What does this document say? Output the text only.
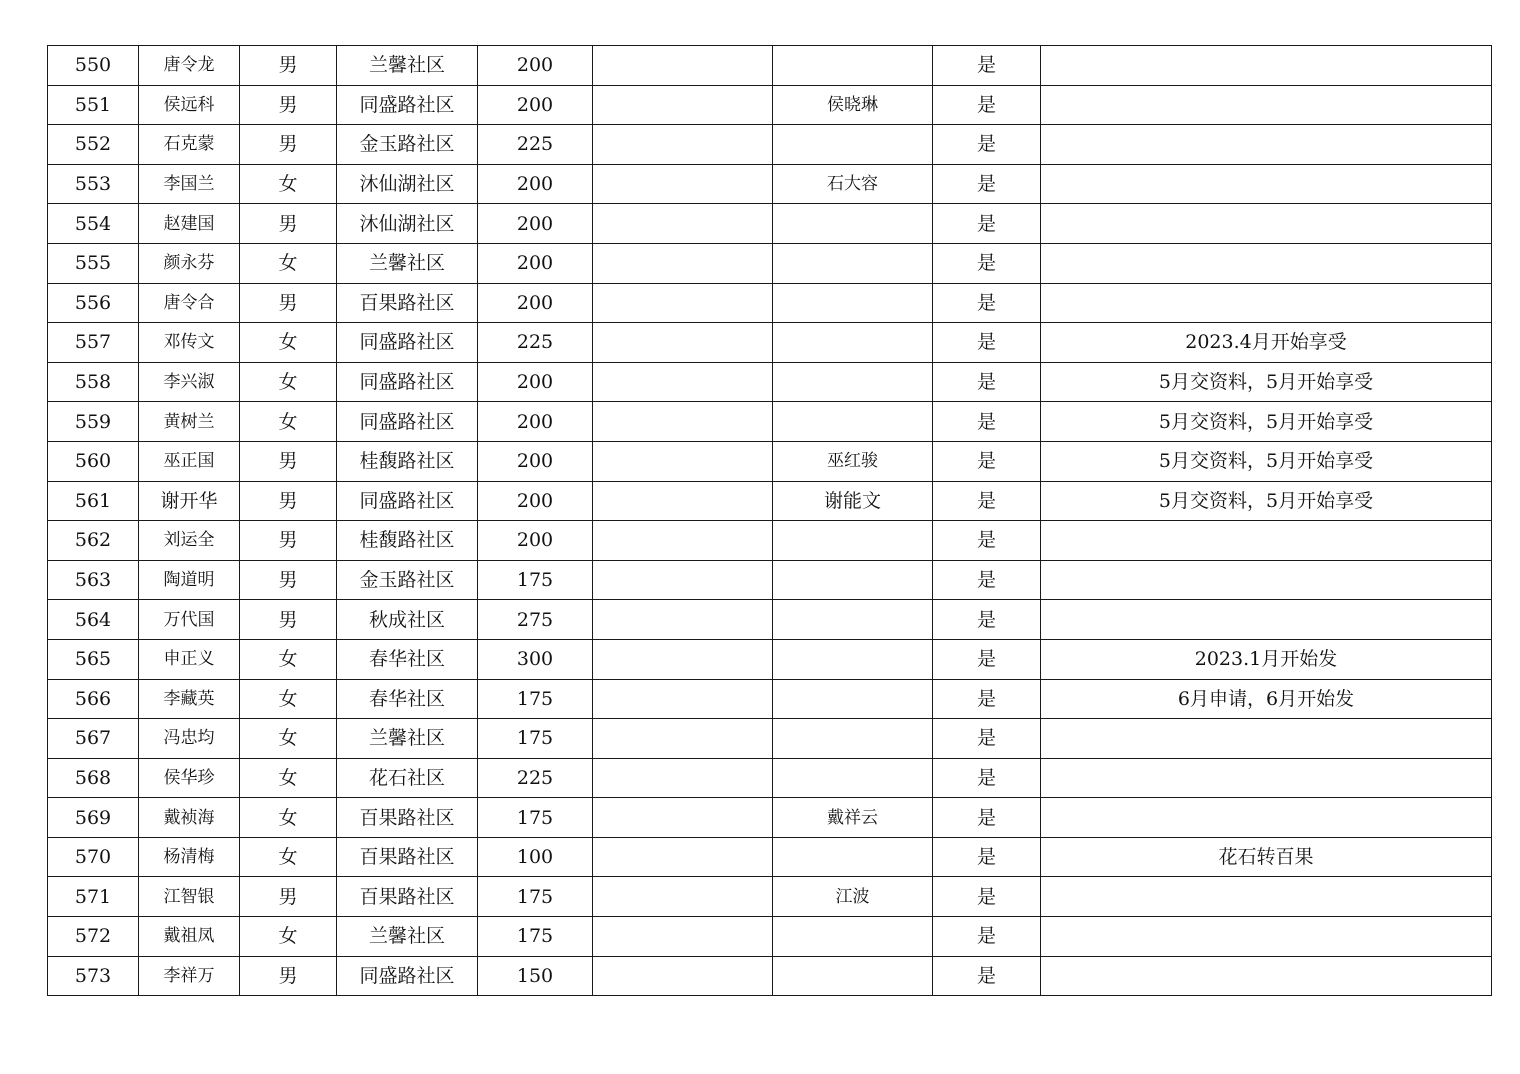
550	唐令龙	男	兰馨社区	200			是	
551	侯远科	男	同盛路社区	200		侯晓琳	是	
552	石克蒙	男	金玉路社区	225			是	
553	李国兰	女	沐仙湖社区	200		石大容	是	
554	赵建国	男	沐仙湖社区	200			是	
555	颜永芬	女	兰馨社区	200			是	
556	唐令合	男	百果路社区	200			是	
557	邓传文	女	同盛路社区	225			是	2023.4月开始享受
558	李兴淑	女	同盛路社区	200			是	5月交资料，5月开始享受
559	黄树兰	女	同盛路社区	200			是	5月交资料，5月开始享受
560	巫正国	男	桂馥路社区	200		巫红骏	是	5月交资料，5月开始享受
561	谢开华	男	同盛路社区	200		谢能文	是	5月交资料，5月开始享受
562	刘运全	男	桂馥路社区	200			是	
563	陶道明	男	金玉路社区	175			是	
564	万代国	男	秋成社区	275			是	
565	申正义	女	春华社区	300			是	2023.1月开始发
566	李藏英	女	春华社区	175			是	6月申请，6月开始发
567	冯忠均	女	兰馨社区	175			是	
568	侯华珍	女	花石社区	225			是	
569	戴祯海	女	百果路社区	175		戴祥云	是	
570	杨清梅	女	百果路社区	100			是	花石转百果
571	江智银	男	百果路社区	175		江波	是	
572	戴祖凤	女	兰馨社区	175			是	
573	李祥万	男	同盛路社区	150			是	
